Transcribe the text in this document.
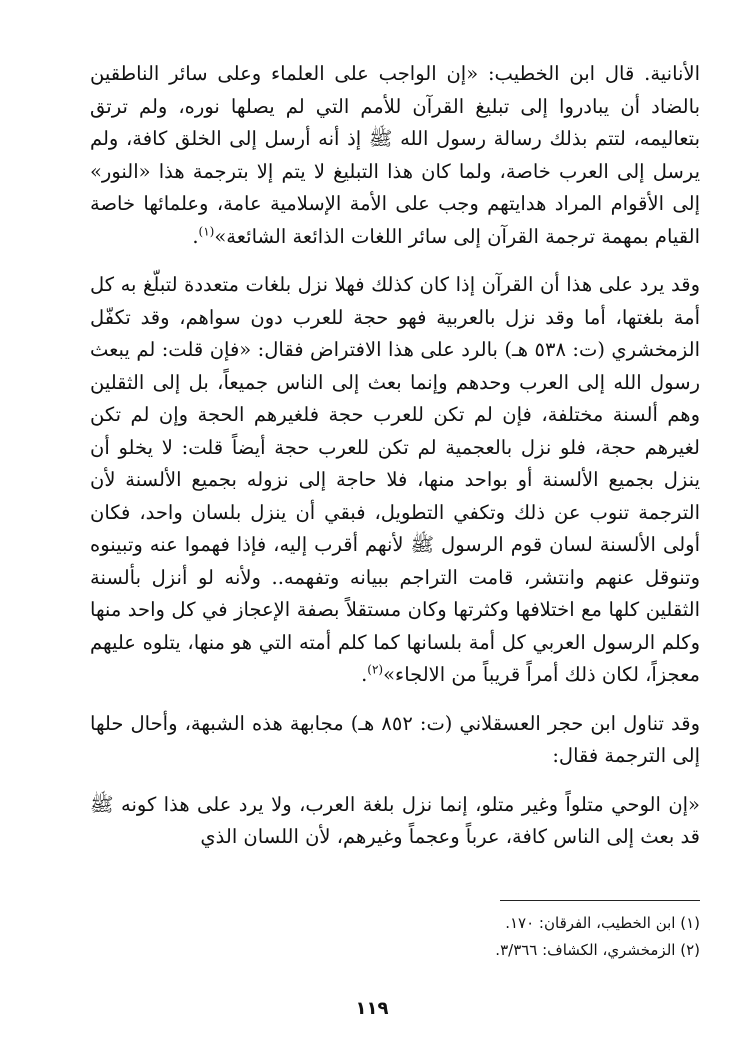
الأنانية. قال ابن الخطيب: «إن الواجب على العلماء وعلى سائر الناطقين بالضاد أن يبادروا إلى تبليغ القرآن للأمم التي لم يصلها نوره، ولم ترتق بتعاليمه، لتتم بذلك رسالة رسول الله ﷺ إذ أنه أرسل إلى الخلق كافة، ولم يرسل إلى العرب خاصة، ولما كان هذا التبليغ لا يتم إلا بترجمة هذا «النور» إلى الأقوام المراد هدايتهم وجب على الأمة الإسلامية عامة، وعلمائها خاصة القيام بمهمة ترجمة القرآن إلى سائر اللغات الذائعة الشائعة»$^{(١)}$.

وقد يرد على هذا أن القرآن إذا كان كذلك فهلا نزل بلغات متعددة لتبلّغ به كل أمة بلغتها، أما وقد نزل بالعربية فهو حجة للعرب دون سواهم، وقد تكفّل الزمخشري (ت: ٥٣٨ هـ) بالرد على هذا الافتراض فقال: «فإن قلت: لم يبعث رسول الله إلى العرب وحدهم وإنما بعث إلى الناس جميعاً، بل إلى الثقلين وهم ألسنة مختلفة، فإن لم تكن للعرب حجة فلغيرهم الحجة وإن لم تكن لغيرهم حجة، فلو نزل بالعجمية لم تكن للعرب حجة أيضاً قلت: لا يخلو أن ينزل بجميع الألسنة أو بواحد منها، فلا حاجة إلى نزوله بجميع الألسنة لأن الترجمة تنوب عن ذلك وتكفي التطويل، فبقي أن ينزل بلسان واحد، فكان أولى الألسنة لسان قوم الرسول ﷺ لأنهم أقرب إليه، فإذا فهموا عنه وتبينوه وتنوقل عنهم وانتشر، قامت التراجم ببيانه وتفهمه.. ولأنه لو أنزل بألسنة الثقلين كلها مع اختلافها وكثرتها وكان مستقلاً بصفة الإعجاز في كل واحد منها وكلم الرسول العربي كل أمة بلسانها كما كلم أمته التي هو منها، يتلوه عليهم معجزاً، لكان ذلك أمراً قريباً من الالجاء»$^{(٢)}$.

وقد تناول ابن حجر العسقلاني (ت: ٨٥٢ هـ) مجابهة هذه الشبهة، وأحال حلها إلى الترجمة فقال:

«إن الوحي متلواً وغير متلو، إنما نزل بلغة العرب، ولا يرد على هذا كونه ﷺ قد بعث إلى الناس كافة، عرباً وعجماً وغيرهم، لأن اللسان الذي

(١) ابن الخطيب، الفرقان: ١٧٠.

(٢) الزمخشري، الكشاف: ٣/٣٦٦.

١١٩
